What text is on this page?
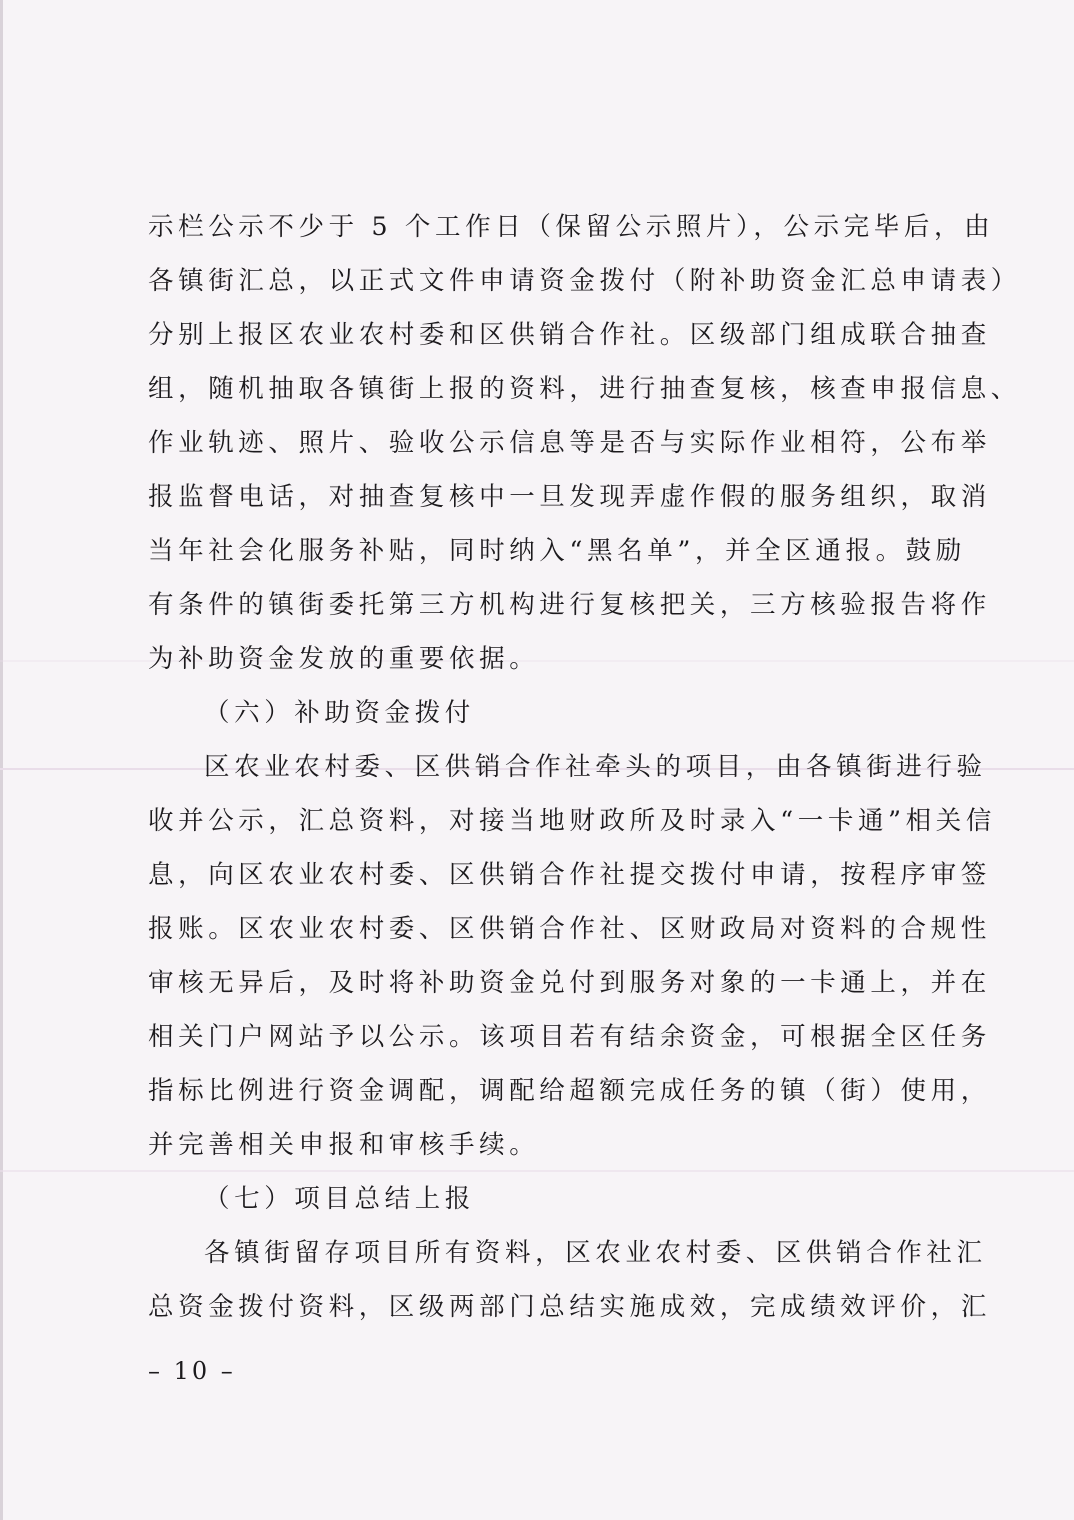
示栏公示不少于 5 个工作日（保留公示照片），公示完毕后，由
各镇街汇总，以正式文件申请资金拨付（附补助资金汇总申请表）
分别上报区农业农村委和区供销合作社。区级部门组成联合抽查
组，随机抽取各镇街上报的资料，进行抽查复核，核查申报信息、
作业轨迹、照片、验收公示信息等是否与实际作业相符，公布举
报监督电话，对抽查复核中一旦发现弄虚作假的服务组织，取消
当年社会化服务补贴，同时纳入“黑名单”，并全区通报。鼓励
有条件的镇街委托第三方机构进行复核把关，三方核验报告将作
为补助资金发放的重要依据。
（六）补助资金拨付
区农业农村委、区供销合作社牵头的项目，由各镇街进行验
收并公示，汇总资料，对接当地财政所及时录入“一卡通”相关信
息，向区农业农村委、区供销合作社提交拨付申请，按程序审签
报账。区农业农村委、区供销合作社、区财政局对资料的合规性
审核无异后，及时将补助资金兑付到服务对象的一卡通上，并在
相关门户网站予以公示。该项目若有结余资金，可根据全区任务
指标比例进行资金调配，调配给超额完成任务的镇（街）使用，
并完善相关申报和审核手续。
（七）项目总结上报
各镇街留存项目所有资料，区农业农村委、区供销合作社汇
总资金拨付资料，区级两部门总结实施成效，完成绩效评价，汇
– 10 –
